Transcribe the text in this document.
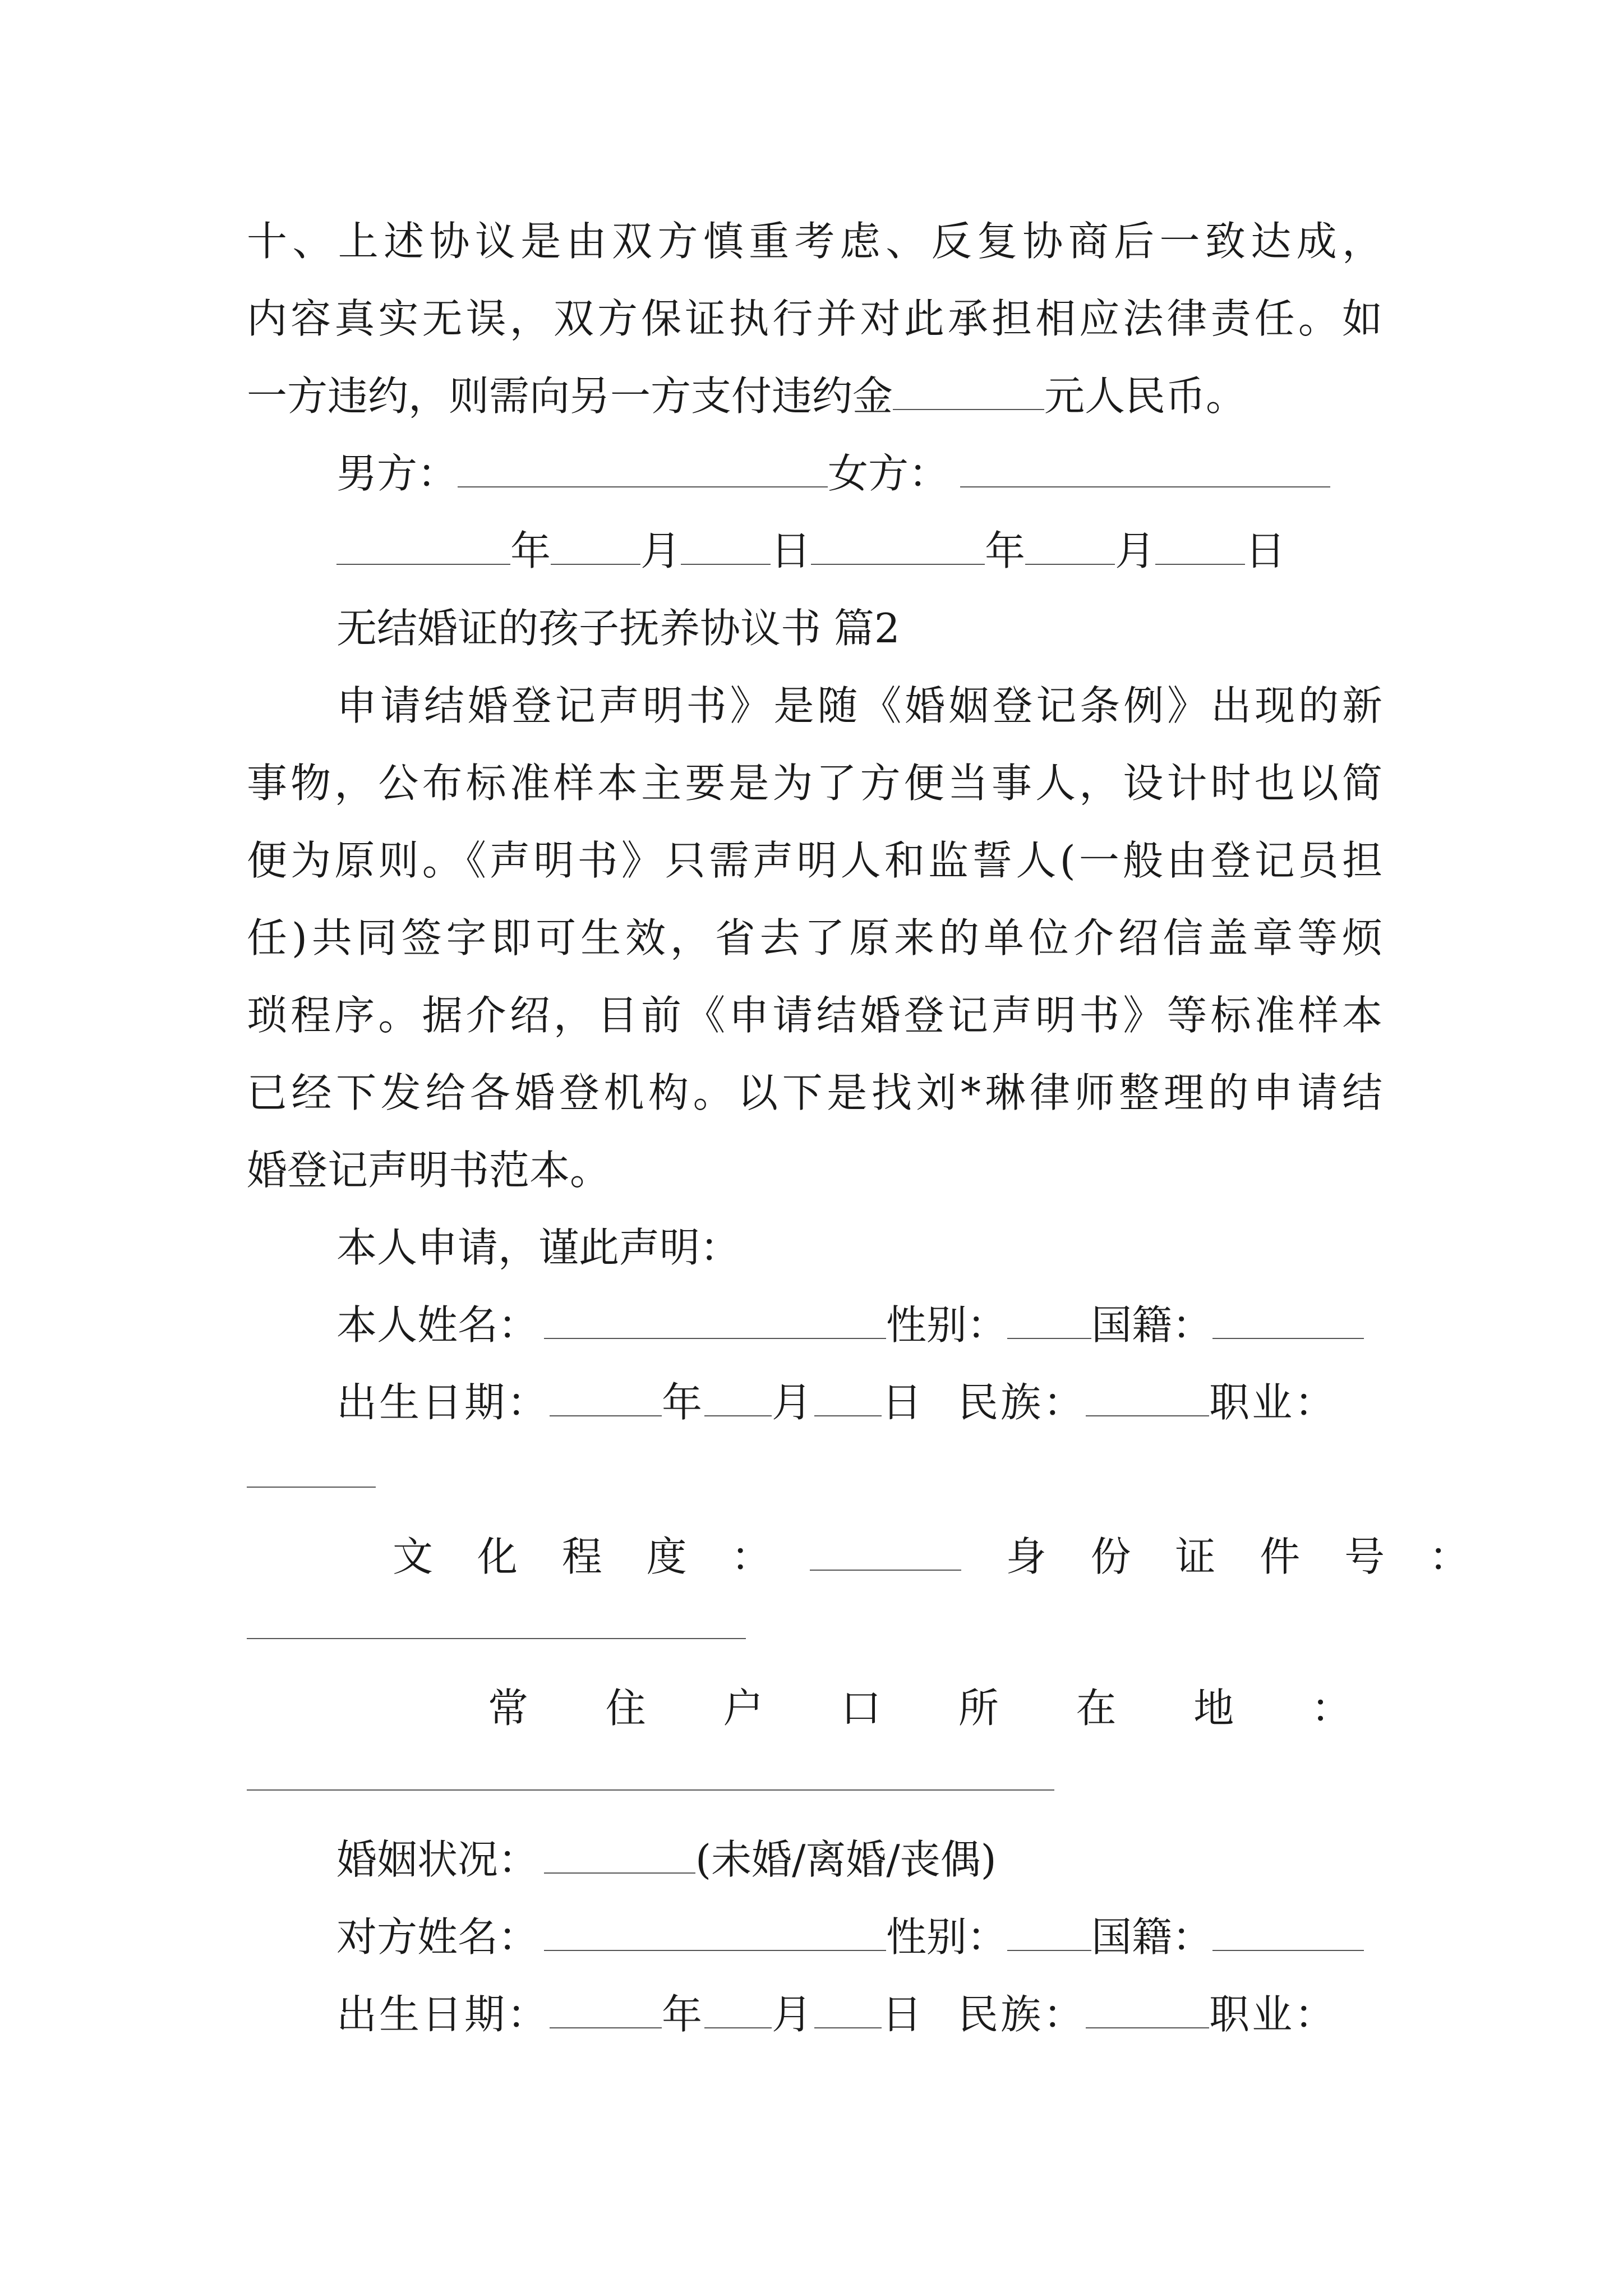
十、上述协议是由双方慎重考虑、反复协商后一致达成，
内容真实无误，双方保证执行并对此承担相应法律责任。如
一方违约，则需向另一方支付违约金	元人民币。
男方：	女方：
年 月 日	年 月 日
无结婚证的孩子抚养协议书 篇2
申请结婚登记声明书》是随《婚姻登记条例》出现的新
事物，公布标准样本主要是为了方便当事人，设计时也以简
便为原则。《声明书》只需声明人和监誓人(一般由登记员担
任)共同签字即可生效，省去了原来的单位介绍信盖章等烦
琐程序。据介绍，目前《申请结婚登记声明书》等标准样本
已经下发给各婚登机构。以下是找刘*琳律师整理的申请结
婚登记声明书范本。
本人申请，谨此声明：
本人姓名：	性别： 国籍：
出生日期：	年 月 日 民族：	职业：
文 化 程 度 ：	身 份 证 件 号 ：
常 住 户 口 所 在 地 ：
婚姻状况：	(未婚/离婚/丧偶)
对方姓名：	性别： 国籍：
出生日期：	年 月 日 民族：	职业：
